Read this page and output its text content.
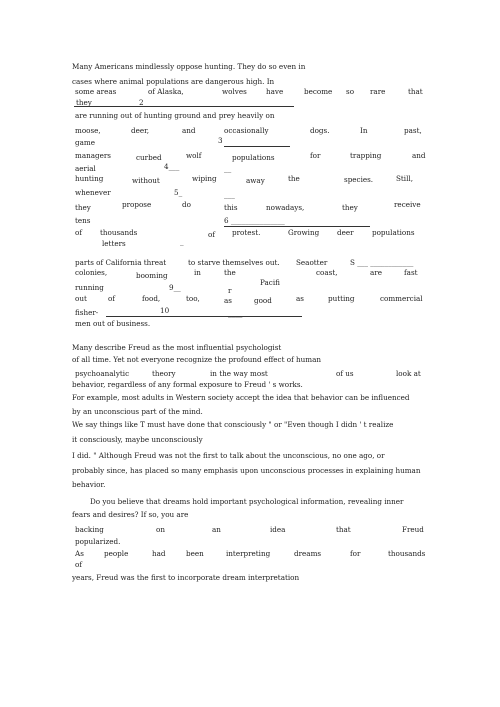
Many Americans mindlessly oppose hunting. They do so even in
cases where animal populations are dangerous high. In
some areas	of Alaska,	wolves	have	become so rare	that
they	2
are running out of hunting ground and prey heavily on
moose,	deer,	and	occasionally	dogs.	In	past,
game	3
managers	curbed	wolf	populations	for	trapping	and
aerial	4___	__
hunting	without	wiping	away	the	species.	Still,
whenever	5_	___
they	propose	do	this	nowadays,	they	receive
tens	6 _______________
of	thousands	of protest.	Growing deer	populations
letters
‾
parts of California threat	to starve themselves out. Seaotter	S ___ ____________
colonies,	booming	in	the	coast,	are	fast
Pacifi
running	9__	r
out	of	food,	too,	as	good	as	putting	commercial
fisher-	10	____
men out of business.
Many describe Freud as the most influential psychologist
of all time. Yet not everyone recognize the profound effect of human
psychoanalytic	theory	in the way most	of us	look at
behavior, regardless of any formal exposure to Freud ' s works.
For example, most adults in Western society accept the idea that behavior can be influenced
by an unconscious part of the mind.
We say things like T must have done that consciously " or "Even though I didn ' t realize
it consciously, maybe unconsciously
I did. " Although Freud was not the first to talk about the unconscious, no one ago, or
probably since, has placed so many emphasis upon unconscious processes in explaining human
behavior.
Do you believe that dreams hold important psychological information, revealing inner
fears and desires? If so, you are
backing	on	an	idea	that	Freud
popularized.
As	people	had	been	interpreting	dreams	for	thousands
of
years, Freud was the first to incorporate dream interpretation
